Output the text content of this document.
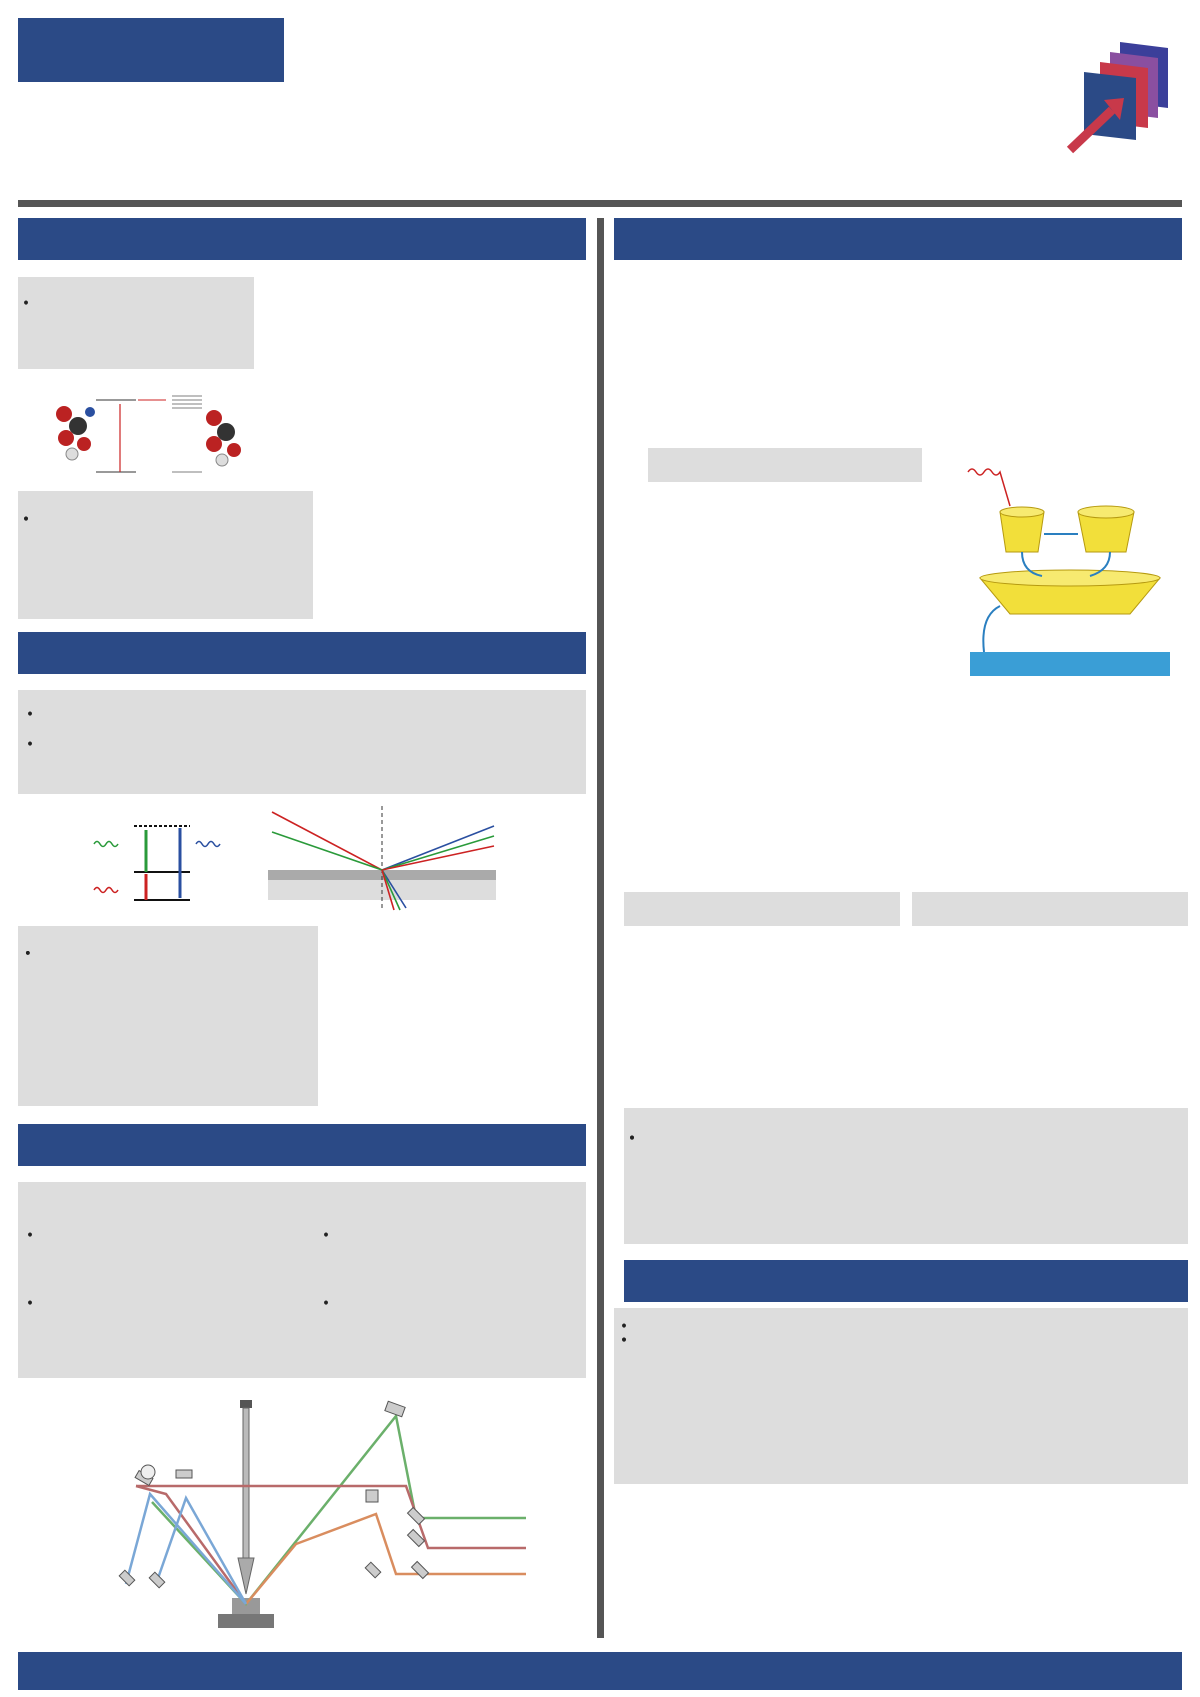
•
•

•

•

•
